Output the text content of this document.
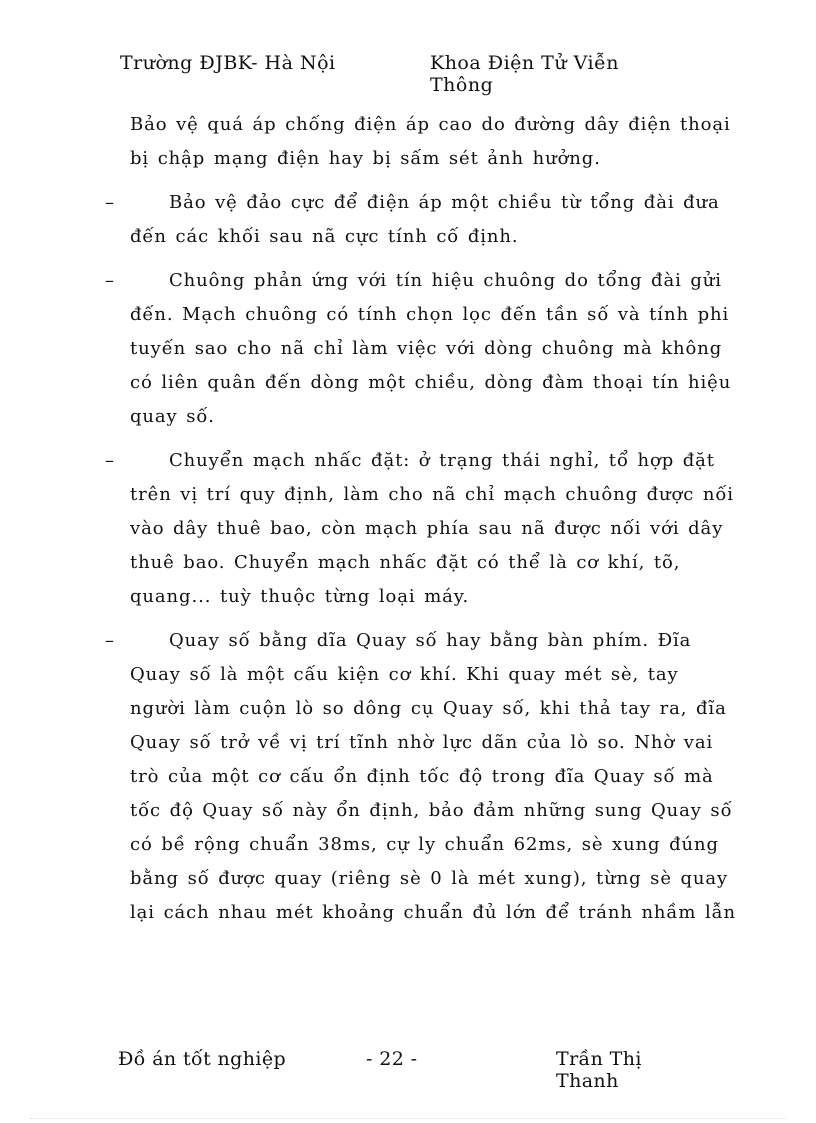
Trường ĐJBK- Hà Nội	Khoa Điện Tử Viễn Thông
Bảo vệ quá áp chống điện áp cao do đường dây điện thoại
bị chập mạng điện hay bị sấm sét ảnh hưởng.
–	Bảo vệ đảo cực để điện áp một chiều từ tổng đài đưa
đến các khối sau nã cực tính cố định.
–	Chuông phản ứng với tín hiệu chuông do tổng đài gửi
đến. Mạch chuông có tính chọn lọc đến tần số và tính phi
tuyến sao cho nã chỉ làm việc với dòng chuông mà không
có liên quân đến dòng một chiều, dòng đàm thoại tín hiệu
quay số.
–	Chuyển mạch nhấc đặt: ở trạng thái nghỉ, tổ hợp đặt
trên vị trí quy định, làm cho nã chỉ mạch chuông được nối
vào dây thuê bao, còn mạch phía sau nã được nối với dây
thuê bao. Chuyển mạch nhấc đặt có thể là cơ khí, tõ,
quang... tuỳ thuộc từng loại máy.
–	Quay số bằng dĩa Quay số hay bằng bàn phím. Đĩa
Quay số là một cấu kiện cơ khí. Khi quay mét sè, tay
người làm cuộn lò so dông cụ Quay số, khi thả tay ra, đĩa
Quay số trở về vị trí tĩnh nhờ lực dãn của lò so. Nhờ vai
trò của một cơ cấu ổn định tốc độ trong đĩa Quay số mà
tốc độ Quay số này ổn định, bảo đảm những sung Quay số
có bề rộng chuẩn 38ms, cự ly chuẩn 62ms, sè xung đúng
bằng số được quay (riêng sè 0 là mét xung), từng sè quay
lại cách nhau mét khoảng chuẩn đủ lớn để tránh nhầm lẫn
Đồ án tốt nghiệp	- 22 -	Trần Thị Thanh
